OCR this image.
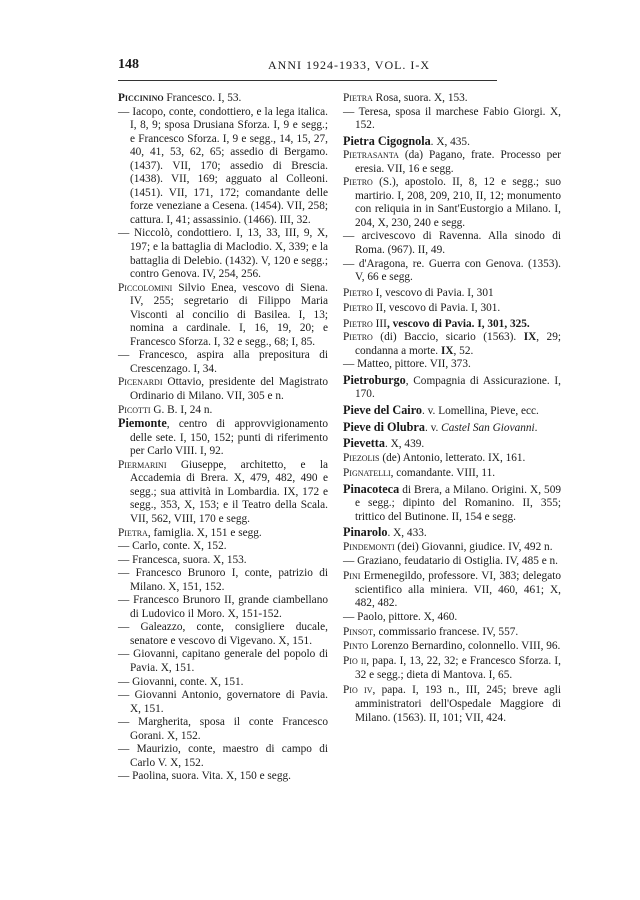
148	ANNI 1924-1933, VOL. I-X

Piccinino Francesco. I, 53.

— Iacopo, conte, condottiero, e la lega italica. I, 8, 9; sposa Drusiana Sforza. I, 9 e segg.; e Francesco Sforza. I, 9 e segg., 14, 15, 27, 40, 41, 53, 62, 65; assedio di Bergamo. (1437). VII, 170; assedio di Brescia. (1438). VII, 169; agguato al Colleoni. (1451). VII, 171, 172; comandante delle forze veneziane a Cesena. (1454). VII, 258; cattura. I, 41; assassinio. (1466). III, 32.

— Niccolò, condottiero. I, 13, 33, III, 9, X, 197; e la battaglia di Maclodio. X, 339; e la battaglia di Delebio. (1432). V, 120 e segg.; contro Genova. IV, 254, 256.

Piccolomini Silvio Enea, vescovo di Siena. IV, 255; segretario di Filippo Maria Visconti al concilio di Basilea. I, 13; nomina a cardinale. I, 16, 19, 20; e Francesco Sforza. I, 32 e segg., 68; I, 85.

— Francesco, aspira alla prepositura di Crescenzago. I, 34.

Picenardi Ottavio, presidente del Magistrato Ordinario di Milano. VII, 305 e n.

Picotti G. B. I, 24 n.

Piemonte, centro di approvvigionamento delle sete. I, 150, 152; punti di riferimento per Carlo VIII. I, 92.

Piermarini Giuseppe, architetto, e la Accademia di Brera. X, 479, 482, 490 e segg.; sua attività in Lombardia. IX, 172 e segg., 353, X, 153; e il Teatro della Scala. VII, 562, VIII, 170 e segg.

Pietra, famiglia. X, 151 e segg.

— Carlo, conte. X, 152.

— Francesca, suora. X, 153.

— Francesco Brunoro I, conte, patrizio di Milano. X, 151, 152.

— Francesco Brunoro II, grande ciambellano di Ludovico il Moro. X, 151-152.

— Galeazzo, conte, consigliere ducale, senatore e vescovo di Vigevano. X, 151.

— Giovanni, capitano generale del popolo di Pavia. X, 151.

— Giovanni, conte. X, 151.

— Giovanni Antonio, governatore di Pavia. X, 151.

— Margherita, sposa il conte Francesco Gorani. X, 152.

— Maurizio, conte, maestro di campo di Carlo V. X, 152.

— Paolina, suora. Vita. X, 150 e segg.

Pietra Rosa, suora. X, 153.

— Teresa, sposa il marchese Fabio Giorgi. X, 152.

Pietra Cigognola. X, 435.

Pietrasanta (da) Pagano, frate. Processo per eresia. VII, 16 e segg.

Pietro (S.), apostolo. II, 8, 12 e segg.; suo martirio. I, 208, 209, 210, II, 12; monumento con reliquia in in Sant'Eustorgio a Milano. I, 204, X, 230, 240 e segg.

— arcivescovo di Ravenna. Alla sinodo di Roma. (967). II, 49.

— d'Aragona, re. Guerra con Genova. (1353). V, 66 e segg.

Pietro I, vescovo di Pavia. I, 301

Pietro II, vescovo di Pavia. I, 301.

Pietro III, vescovo di Pavia. I, 301, 325.

Pietro (di) Baccio, sicario (1563). IX, 29; condanna a morte. IX, 52.

— Matteo, pittore. VII, 373.

Pietroburgo, Compagnia di Assicurazione. I, 170.

Pieve del Cairo. v. Lomellina, Pieve, ecc.

Pieve di Olubra. v. Castel San Giovanni.

Pievetta. X, 439.

Piezolis (de) Antonio, letterato. IX, 161.

Pignatelli, comandante. VIII, 11.

Pinacoteca di Brera, a Milano. Origini. X, 509 e segg.; dipinto del Romanino. II, 355; trittico del Butinone. II, 154 e segg.

Pinarolo. X, 433.

Pindemonti (dei) Giovanni, giudice. IV, 492 n.

— Graziano, feudatario di Ostiglia. IV, 485 e n.

Pini Ermenegildo, professore. VI, 383; delegato scientifico alla miniera. VII, 460, 461; X, 482, 482.

— Paolo, pittore. X, 460.

Pinsot, commissario francese. IV, 557.

Pinto Lorenzo Bernardino, colonnello. VIII, 96.

Pio ii, papa. I, 13, 22, 32; e Francesco Sforza. I, 32 e segg.; dieta di Mantova. I, 65.

Pio iv, papa. I, 193 n., III, 245; breve agli amministratori dell'Ospedale Maggiore di Milano. (1563). II, 101; VII, 424.
